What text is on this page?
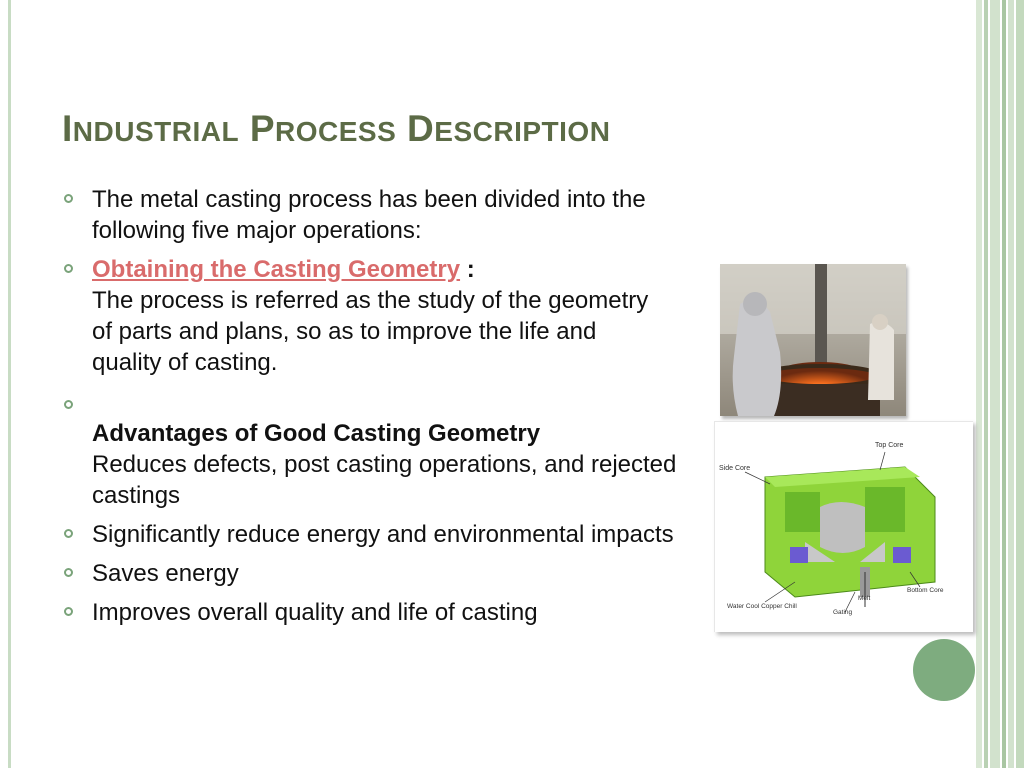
INDUSTRIAL PROCESS DESCRIPTION
The metal casting process has been divided into the following five major operations:
Obtaining the Casting Geometry :
The process is referred as the study of the geometry of parts and plans, so as to improve the life and quality of casting.
Advantages of Good Casting Geometry
Reduces defects, post casting operations, and rejected castings
Significantly reduce energy and environmental impacts
Saves energy
Improves overall quality and life of casting
Top Core
Side Core
Water Cool Copper Chill
Melt
Bottom Core
Gating
